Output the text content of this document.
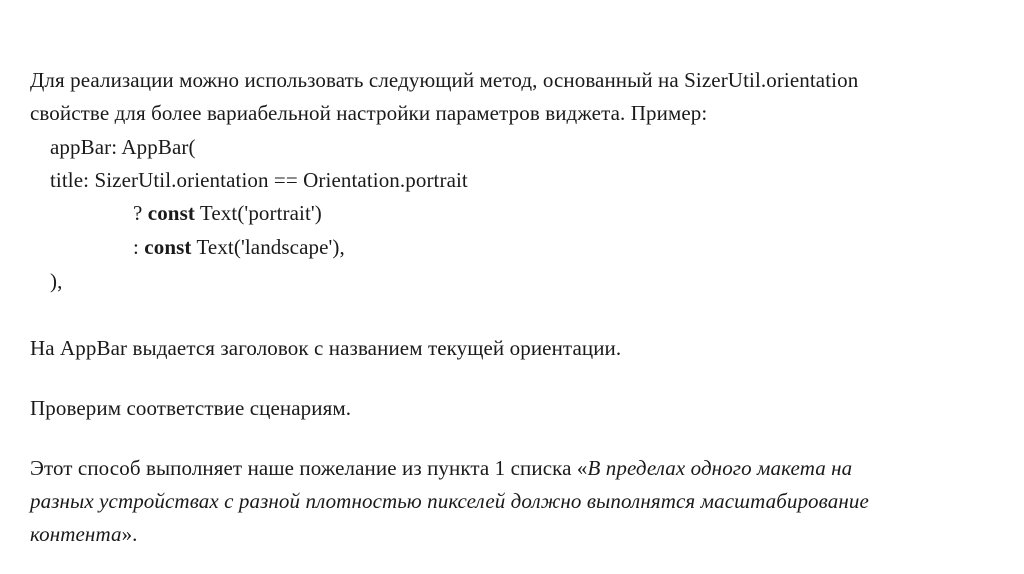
Для реализации можно использовать следующий метод, основанный на SizerUtil.orientation
свойстве для более вариабельной настройки параметров виджета. Пример:
appBar: AppBar(
title: SizerUtil.orientation == Orientation.portrait
? const Text('portrait')
: const Text('landscape'),
),
На AppBar выдается заголовок с названием текущей ориентации.
Проверим соответствие сценариям.
Этот способ выполняет наше пожелание из пункта 1 списка «В пределах одного макета на
разных устройствах с разной плотностью пикселей должно выполнятся масштабирование
контента».
